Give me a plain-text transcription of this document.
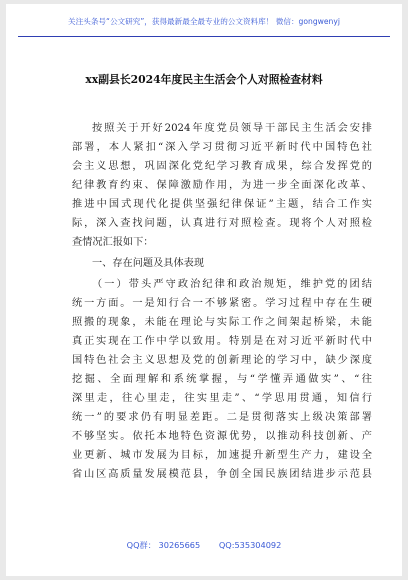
关注头条号“公文研究”，获得最新最全最专业的公文资料库！ 微信：gongwenyj
xx副县长2024年度民主生活会个人对照检查材料
按照关于开好2024年度党员领导干部民主生活会安排
部署，本人紧扣“深入学习贯彻习近平新时代中国特色社
会主义思想，巩固深化党纪学习教育成果，综合发挥党的
纪律教育约束、保障激励作用，为进一步全面深化改革、
推进中国式现代化提供坚强纪律保证”主题，结合工作实
际，深入查找问题，认真进行对照检查。现将个人对照检
查情况汇报如下：
一、存在问题及具体表现
（一）带头严守政治纪律和政治规矩，维护党的团结
统一方面。一是知行合一不够紧密。学习过程中存在生硬
照搬的现象，未能在理论与实际工作之间架起桥梁，未能
真正实现在工作中学以致用。特别是在对习近平新时代中
国特色社会主义思想及党的创新理论的学习中，缺少深度
挖掘、全面理解和系统掌握，与“学懂弄通做实”、“往
深里走，往心里走，往实里走”、“学思用贯通，知信行
统一”的要求仍有明显差距。二是贯彻落实上级决策部署
不够坚实。依托本地特色资源优势，以推动科技创新、产
业更新、城市发展为目标，加速提升新型生产力，建设全
省山区高质量发展模范县，争创全国民族团结进步示范县
QQ群： 30265665 QQ:535304092
